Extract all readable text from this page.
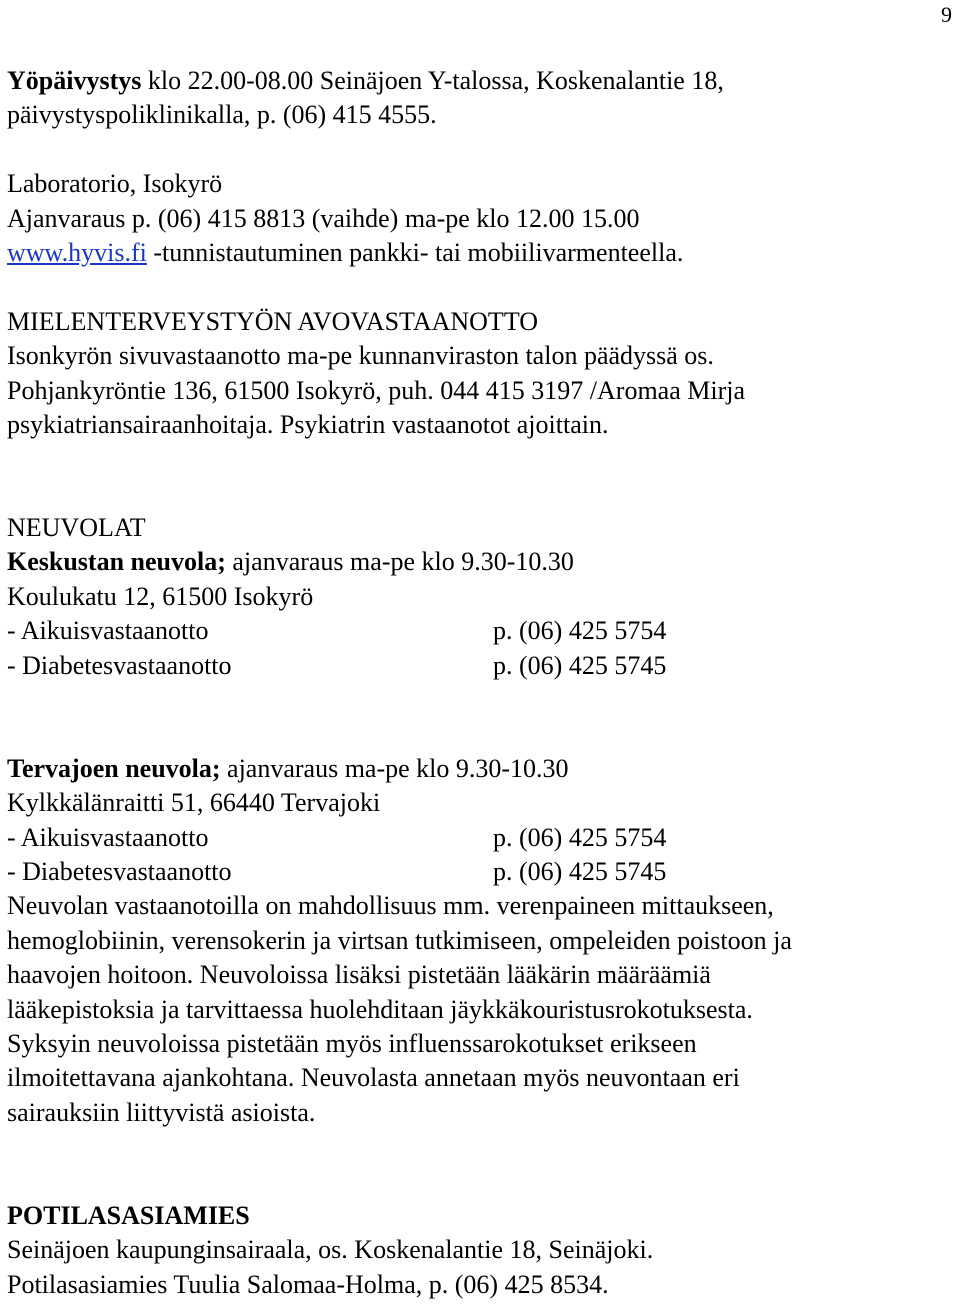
9
Yöpäivystys klo 22.00-08.00 Seinäjoen Y-talossa, Koskenalantie 18,
päivystyspoliklinikalla, p. (06) 415 4555.
Laboratorio, Isokyrö
Ajanvaraus p. (06) 415 8813 (vaihde) ma-pe klo 12.00 15.00
www.hyvis.fi -tunnistautuminen pankki- tai mobiilivarmenteella.
MIELENTERVEYSTYÖN AVOVASTAANOTTO
Isonkyrön sivuvastaanotto ma-pe kunnanviraston talon päädyssä os.
Pohjankyröntie 136, 61500 Isokyrö, puh. 044 415 3197 /Aromaa Mirja
psykiatriansairaanhoitaja. Psykiatrin vastaanotot ajoittain.
NEUVOLAT
Keskustan neuvola; ajanvaraus ma-pe klo 9.30-10.30
Koulukatu 12, 61500 Isokyrö
- Aikuisvastaanotto	p. (06) 425 5754
- Diabetesvastaanotto	p. (06) 425 5745
Tervajoen neuvola; ajanvaraus ma-pe klo 9.30-10.30
Kylkkälänraitti 51, 66440 Tervajoki
- Aikuisvastaanotto	p. (06) 425 5754
- Diabetesvastaanotto	p. (06) 425 5745
Neuvolan vastaanotoilla on mahdollisuus mm. verenpaineen mittaukseen,
hemoglobiinin, verensokerin ja virtsan tutkimiseen, ompeleiden poistoon ja
haavojen hoitoon. Neuvoloissa lisäksi pistetään lääkärin määräämiä
lääkepistoksia ja tarvittaessa huolehditaan jäykkäkouristusrokotuksesta.
Syksyin neuvoloissa pistetään myös influenssarokotukset erikseen
ilmoitettavana ajankohtana. Neuvolasta annetaan myös neuvontaan eri
sairauksiin liittyvistä asioista.
POTILASASIAMIES
Seinäjoen kaupunginsairaala, os. Koskenalantie 18, Seinäjoki.
Potilasasiamies Tuulia Salomaa-Holma, p. (06) 425 8534.
